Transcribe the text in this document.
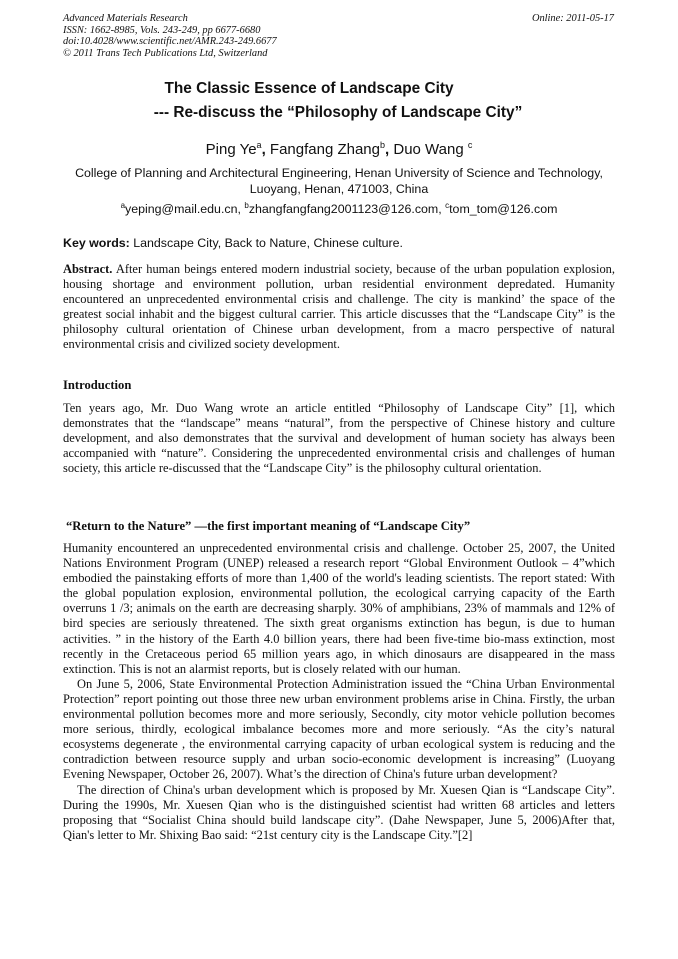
Advanced Materials Research
ISSN: 1662-8985, Vols. 243-249, pp 6677-6680
doi:10.4028/www.scientific.net/AMR.243-249.6677
© 2011 Trans Tech Publications Ltd, Switzerland
Online: 2011-05-17
The Classic Essence of Landscape City
--- Re-discuss the “Philosophy of Landscape City”
Ping Ye$^a$, Fangfang Zhang$^b$, Duo Wang $^c$
College of Planning and Architectural Engineering, Henan University of Science and Technology, Luoyang, Henan, 471003, China
$^a$yeping@mail.edu.cn, $^b$zhangfangfang2001123@126.com, $^c$tom_tom@126.com
Key words: Landscape City, Back to Nature, Chinese culture.
Abstract. After human beings entered modern industrial society, because of the urban population explosion, housing shortage and environment pollution, urban residential environment depredated. Humanity encountered an unprecedented environmental crisis and challenge. The city is mankind’ the space of the greatest social inhabit and the biggest cultural carrier. This article discusses that the “Landscape City” is the philosophy cultural orientation of Chinese urban development, from a macro perspective of natural environmental crisis and civilized society development.
Introduction
Ten years ago, Mr. Duo Wang wrote an article entitled “Philosophy of Landscape City” [1], which demonstrates that the “landscape” means “natural”, from the perspective of Chinese history and culture development, and also demonstrates that the survival and development of human society has always been accompanied with “nature”. Considering the unprecedented environmental crisis and challenges of human society, this article re-discussed that the “Landscape City” is the philosophy cultural orientation.
“Return to the Nature” —the first important meaning of “Landscape City”

Humanity encountered an unprecedented environmental crisis and challenge. October 25, 2007, the United Nations Environment Program (UNEP) released a research report “Global Environment Outlook – 4”which embodied the painstaking efforts of more than 1,400 of the world's leading scientists. The report stated: With the global population explosion, environmental pollution, the ecological carrying capacity of the Earth overruns 1 /3; animals on the earth are decreasing sharply. 30% of amphibians, 23% of mammals and 12% of bird species are seriously threatened. The sixth great organisms extinction has begun, is due to human activities. ” in the history of the Earth 4.0 billion years, there had been five-time bio-mass extinction, most recently in the Cretaceous period 65 million years ago, in which dinosaurs are disappeared in the mass extinction. This is not an alarmist reports, but is closely related with our human.

On June 5, 2006, State Environmental Protection Administration issued the “China Urban Environmental Protection” report pointing out those three new urban environment problems arise in China. Firstly, the urban environmental pollution becomes more and more seriously, Secondly, city motor vehicle pollution becomes more serious, thirdly, ecological imbalance becomes more and more seriously. “As the city’s natural ecosystems degenerate , the environmental carrying capacity of urban ecological system is reducing and the contradiction between resource supply and urban socio-economic development is increasing” (Luoyang Evening Newspaper, October 26, 2007). What’s the direction of China's future urban development?

The direction of China's urban development which is proposed by Mr. Xuesen Qian is “Landscape City”. During the 1990s, Mr. Xuesen Qian who is the distinguished scientist had written 68 articles and letters proposing that “Socialist China should build landscape city”. (Dahe Newspaper, June 5, 2006)After that, Qian's letter to Mr. Shixing Bao said: “21st century city is the Landscape City.”[2]
